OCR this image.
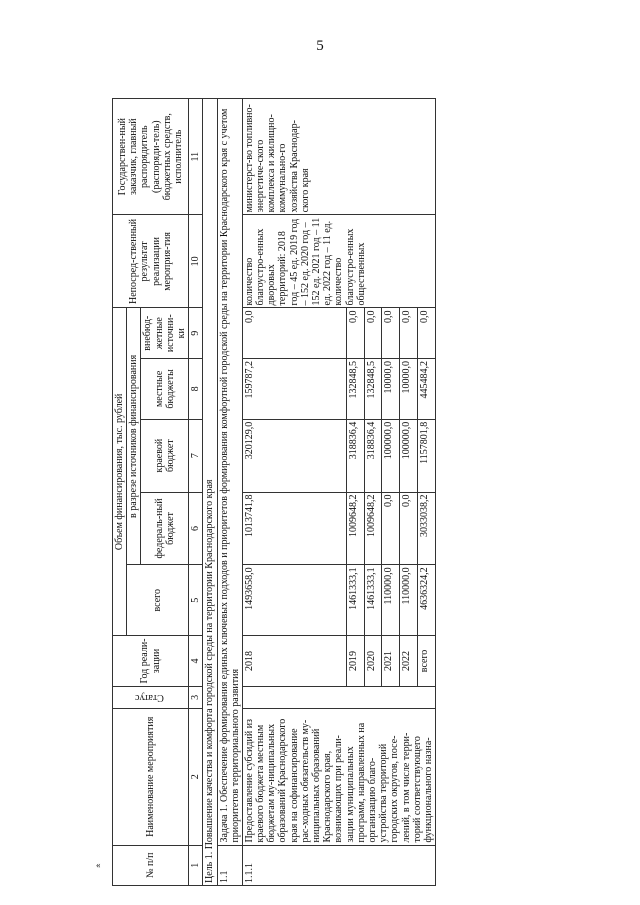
5
«	№ п/п	Наименование мероприятия	Статус	Год реали-зации	Объем финансирования, тыс. рублей					Непосред-ственный результат реализации мероприя-тия	Государствен-ный заказчик, главный распорядитель (распоряди-тель) бюджетных средств, исполнитель
				всего	в разрезе источников финансирования					
					федераль-ный бюджет	краевой бюджет	местные бюджеты	внебюд-жетные источни-ки		
1	2	3	4	5	6	7	8	9	10	11
Цель 1. Повышение качества и комфорта городской среды на территории Краснодарского края										
1.1	Задача 1. Обеспечение формирования единых ключевых подходов и приоритетов формирования комфортной городской среды на территории Краснодарского края с учетом приоритетов территориального развития									
1.1.1	Предоставление субсидий из краевого бюджета местным бюджетам му-ниципальных образований Краснодарского края на софинансирование рас-ходных обязательств му-ниципальных образований Краснодарского края, возникающих при реали-зации муниципальных программ, направленных на организацию благо-устройства территорий городских округов, посе-лений, в том числе терри-торий соответствующего функционального назна-		2018	1493658,0	1013741,8	320129,0	159787,2	0,0	количество благоустро-енных дворовых территорий: 2018 год – 45 ед. 2019 год – 152 ед. 2020 год – 152 ед. 2021 год – 11 ед. 2022 год – 11 ед. количество благоустро-енных общественных	министерст-во топливно-энергетиче-ского комплекса и жилищно-коммунально-го хозяйства Краснодар-ского края
			2019	1461333,1	1009648,2	318836,4	132848,5	0,0		
			2020	1461333,1	1009648,2	318836,4	132848,5	0,0		
			2021	110000,0	0,0	100000,0	10000,0	0,0		
			2022	110000,0	0,0	100000,0	10000,0	0,0		
			всего	4636324,2	3033038,2	1157801,8	445484,2	0,0		
